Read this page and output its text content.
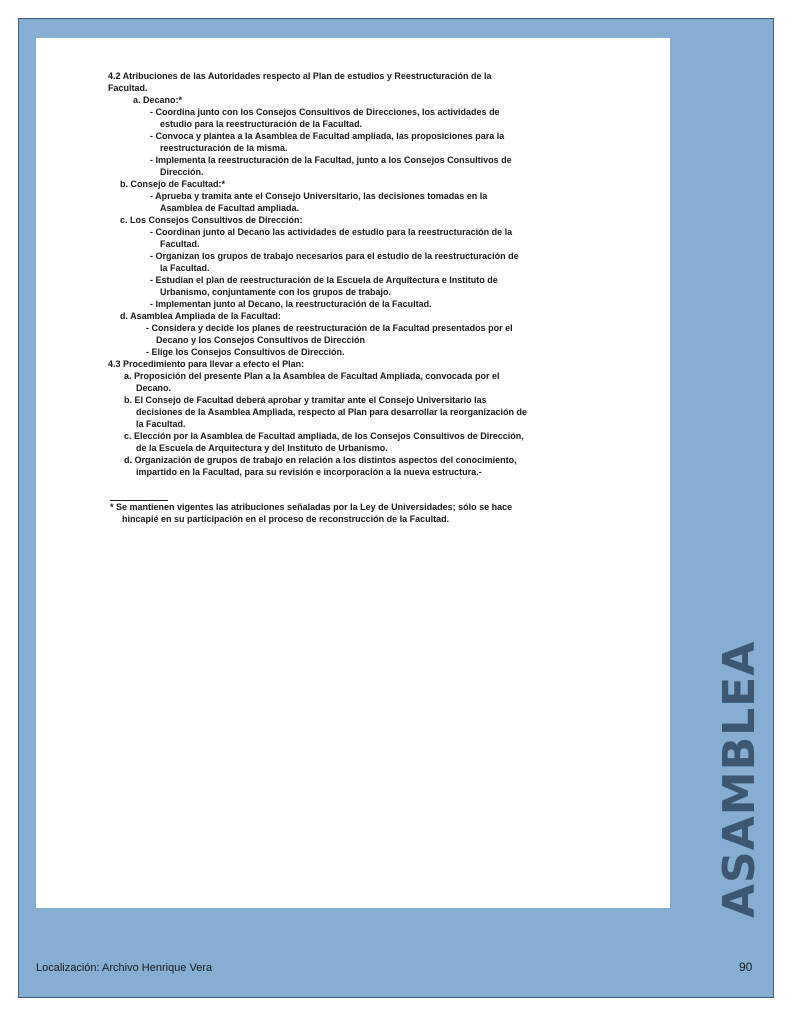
4.2 Atribuciones de las Autoridades respecto al Plan de estudios y Reestructuración de la Facultad.

a. Decano:*

- Coordina junto con los Consejos Consultivos de Direcciones, los actividades de estudio para la reestructuración de la Facultad.

- Convoca y plantea a la Asamblea de Facultad ampliada, las proposiciones para la reestructuración de la misma.

- Implementa la reestructuración de la Facultad, junto a los Consejos Consultivos de Dirección.

b. Consejo de Facultad:*

- Aprueba y tramita ante el Consejo Universitario, las decisiones tomadas en la Asamblea de Facultad ampliada.

c. Los Consejos Consultivos de Dirección:

- Coordinan junto al Decano las actividades de estudio para la reestructuración de la Facultad.

- Organizan los grupos de trabajo necesarios para el estudio de la reestructuración de la Facultad.

- Estudian el plan de reestructuración de la Escuela de Arquitectura e Instituto de Urbanismo, conjuntamente con los grupos de trabajo.

- Implementan junto al Decano, la reestructuración de la Facultad.

d. Asamblea Ampliada de la Facultad:

- Considera y decide los planes de reestructuración de la Facultad presentados por el Decano y los Consejos Consultivos de Dirección

- Elige los Consejos Consultivos de Dirección.

4.3 Procedimiento para llevar a efecto el Plan:

a. Proposición del presente Plan a la Asamblea de Facultad Ampliada, convocada por el Decano.

b. El Consejo de Facultad deberá aprobar y tramitar ante el Consejo Universitario las decisiones de la Asamblea Ampliada, respecto al Plan para desarrollar la reorganización de la Facultad.

c. Elección por la Asamblea de Facultad ampliada, de los Consejos Consultivos de Dirección, de la Escuela de Arquitectura y del Instituto de Urbanismo.

d. Organización de grupos de trabajo en relación a los distintos aspectos del conocimiento, impartido en la Facultad, para su revisión e incorporación a la nueva estructura.-

* Se mantienen vigentes las atribuciones señaladas por la Ley de Universidades; sólo se hace hincapié en su participación en el proceso de reconstrucción de la Facultad.

ASAMBLEA
Localización: Archivo Henrique Vera	90
